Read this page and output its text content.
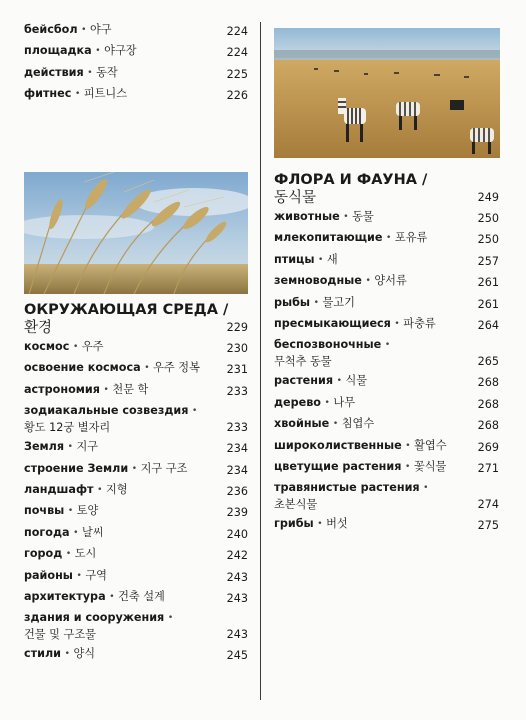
бейсбол • 야구	224
площадка • 야구장	224
действия • 동작	225
фитнес • 피트니스	226
ОКРУЖАЮЩАЯ СРЕДА /
환경	229
космос • 우주	230
освоение космоса • 우주 정복 231
астрономия • 천문 학	233
зодиакальные созвездия •
황도 12궁 별자리	233
Земля • 지구	234
строение Земли • 지구 구조	234
ландшафт • 지형	236
почвы • 토양	239
погода • 날씨	240
город • 도시	242
районы • 구역	243
архитектура • 건축 설계	243
здания и сооружения •
건물 및 구조물	243
стили • 양식	245
ФЛОРА И ФАУНА /
동식물	249
животные • 동물	250
млекопитающие • 포유류	250
птицы • 새	257
земноводные • 양서류	261
рыбы • 물고기	261
пресмыкающиеся • 파충류	264
беспозвоночные •
무척추 동물	265
растения • 식물	268
дерево • 나무	268
хвойные • 침엽수	268
широколиственные • 활엽수	269
цветущие растения • 꽃식물	271
травянистые растения •
초본식물	274
грибы • 버섯	275
